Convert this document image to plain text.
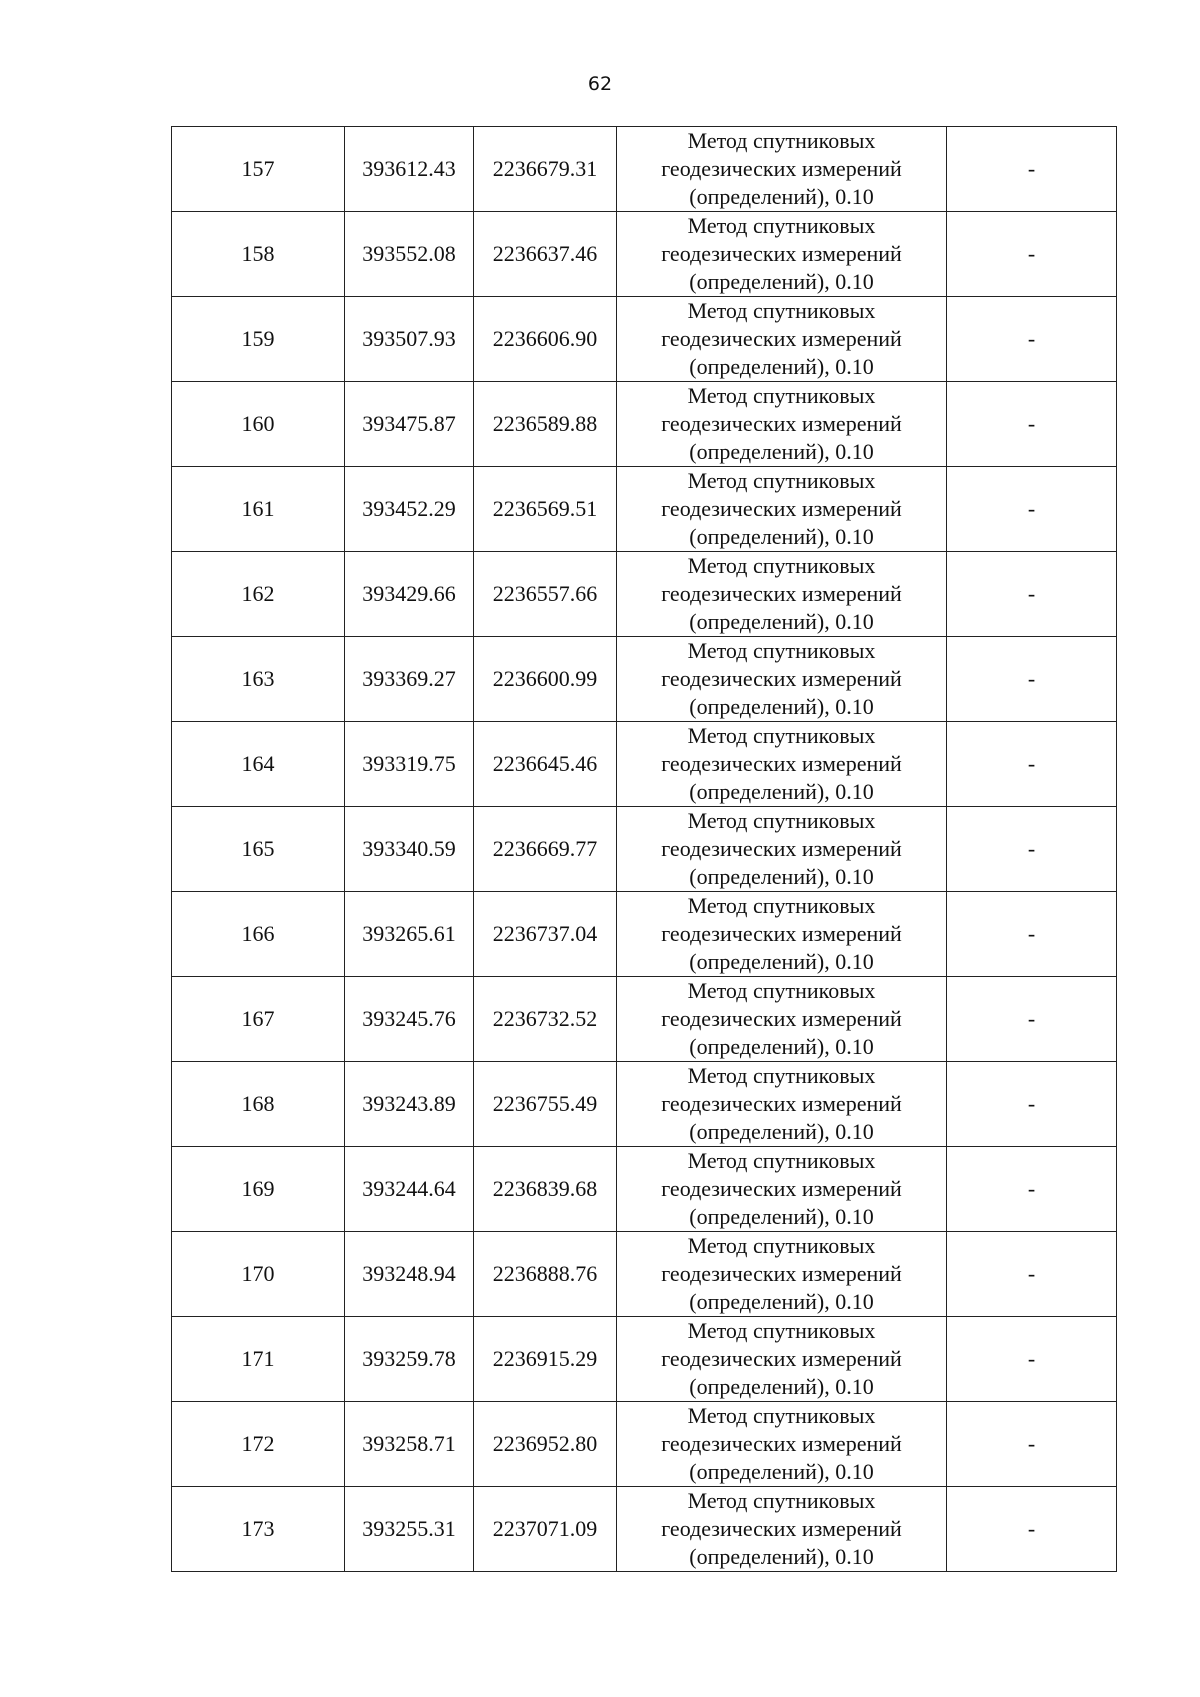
62
157	393612.43	2236679.31	Метод спутниковых
геодезических измерений
(определений), 0.10	-
158	393552.08	2236637.46	Метод спутниковых
геодезических измерений
(определений), 0.10	-
159	393507.93	2236606.90	Метод спутниковых
геодезических измерений
(определений), 0.10	-
160	393475.87	2236589.88	Метод спутниковых
геодезических измерений
(определений), 0.10	-
161	393452.29	2236569.51	Метод спутниковых
геодезических измерений
(определений), 0.10	-
162	393429.66	2236557.66	Метод спутниковых
геодезических измерений
(определений), 0.10	-
163	393369.27	2236600.99	Метод спутниковых
геодезических измерений
(определений), 0.10	-
164	393319.75	2236645.46	Метод спутниковых
геодезических измерений
(определений), 0.10	-
165	393340.59	2236669.77	Метод спутниковых
геодезических измерений
(определений), 0.10	-
166	393265.61	2236737.04	Метод спутниковых
геодезических измерений
(определений), 0.10	-
167	393245.76	2236732.52	Метод спутниковых
геодезических измерений
(определений), 0.10	-
168	393243.89	2236755.49	Метод спутниковых
геодезических измерений
(определений), 0.10	-
169	393244.64	2236839.68	Метод спутниковых
геодезических измерений
(определений), 0.10	-
170	393248.94	2236888.76	Метод спутниковых
геодезических измерений
(определений), 0.10	-
171	393259.78	2236915.29	Метод спутниковых
геодезических измерений
(определений), 0.10	-
172	393258.71	2236952.80	Метод спутниковых
геодезических измерений
(определений), 0.10	-
173	393255.31	2237071.09	Метод спутниковых
геодезических измерений
(определений), 0.10	-
